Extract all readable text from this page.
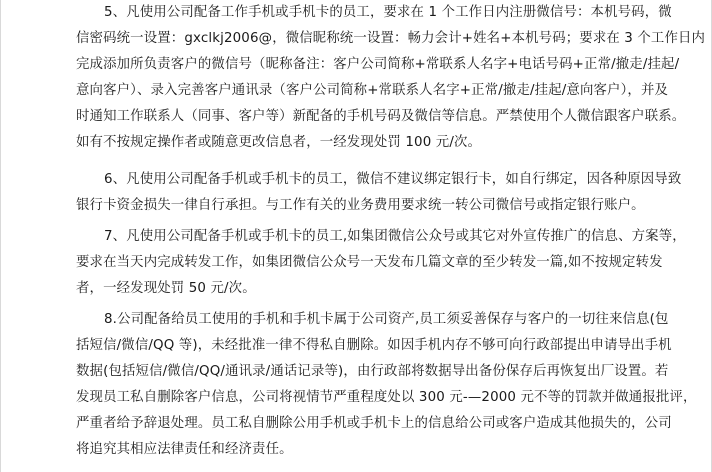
5、凡使用公司配备工作手机或手机卡的员工，要求在 1 个工作日内注册微信号：本机号码，微
信密码统一设置：gxclkj2006@，微信昵称统一设置：畅力会计+姓名+本机号码；要求在 3 个工作日内
完成添加所负责客户的微信号（昵称备注：客户公司简称+常联系人名字+电话号码+正常/撤走/挂起/
意向客户）、录入完善客户通讯录（客户公司简称+常联系人名字+正常/撤走/挂起/意向客户），并及
时通知工作联系人（同事、客户等）新配备的手机号码及微信等信息。严禁使用个人微信跟客户联系。
如有不按规定操作者或随意更改信息者，一经发现处罚 100 元/次。
6、凡使用公司配备手机或手机卡的员工，微信不建议绑定银行卡，如自行绑定，因各种原因导致
银行卡资金损失一律自行承担。与工作有关的业务费用要求统一转公司微信号或指定银行账户。
7、凡使用公司配备手机或手机卡的员工,如集团微信公众号或其它对外宣传推广的信息、方案等，
要求在当天内完成转发工作，如集团微信公众号一天发布几篇文章的至少转发一篇,如不按规定转发
者，一经发现处罚 50 元/次。
8.公司配备给员工使用的手机和手机卡属于公司资产,员工须妥善保存与客户的一切往来信息(包
括短信/微信/QQ 等)，未经批准一律不得私自删除。如因手机内存不够可向行政部提出申请导出手机
数据(包括短信/微信/QQ/通讯录/通话记录等)，由行政部将数据导出备份保存后再恢复出厂设置。若
发现员工私自删除客户信息，公司将视情节严重程度处以 300 元-—2000 元不等的罚款并做通报批评，
严重者给予辞退处理。员工私自删除公用手机或手机卡上的信息给公司或客户造成其他损失的，公司
将追究其相应法律责任和经济责任。
